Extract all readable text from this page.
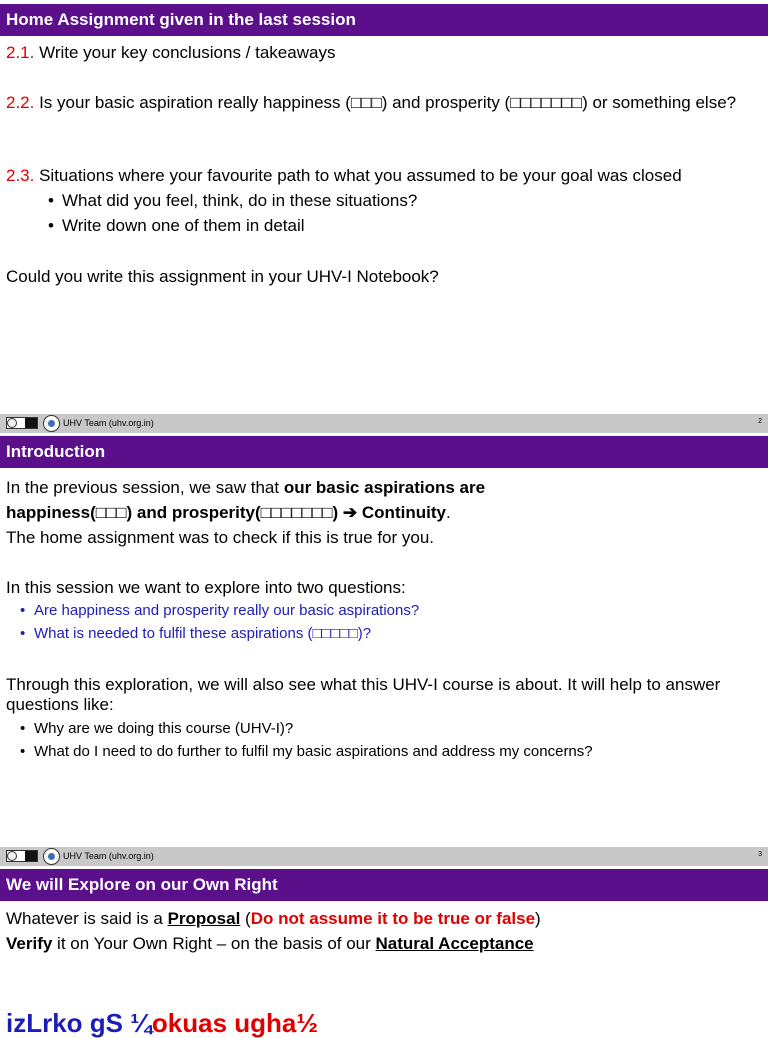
Home Assignment given in the last session
2.1. Write your key conclusions / takeaways
2.2. Is your basic aspiration really happiness (□□□) and prosperity (□□□□□□□) or something else?
2.3. Situations where your favourite path to what you assumed to be your goal was closed
• What did you feel, think, do in these situations?
• Write down one of them in detail
Could you write this assignment in your UHV-I Notebook?
UHV Team (uhv.org.in)	2
Introduction
In the previous session, we saw that our basic aspirations are
happiness(□□□) and prosperity(□□□□□□□) ➔ Continuity.
The home assignment was to check if this is true for you.
In this session we want to explore into two questions:
• Are happiness and prosperity really our basic aspirations?
• What is needed to fulfil these aspirations (□□□□□)?
Through this exploration, we will also see what this UHV-I course is about. It will help to answer questions like:
• Why are we doing this course (UHV-I)?
• What do I need to do further to fulfil my basic aspirations and address my concerns?
UHV Team (uhv.org.in)	3
We will Explore on our Own Right
Whatever is said is a Proposal (Do not assume it to be true or false)
Verify it on Your Own Right – on the basis of our Natural Acceptance
izLrko gS ¼okuas ugha½
